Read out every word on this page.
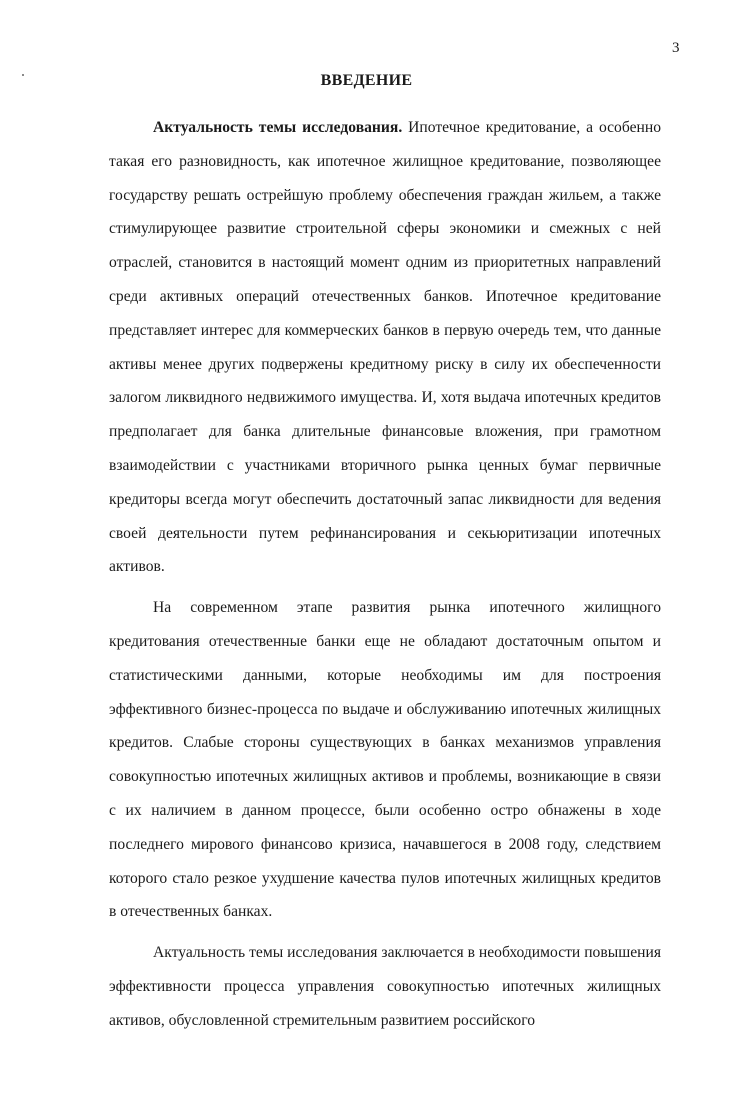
3
ВВЕДЕНИЕ

Актуальность темы исследования. Ипотечное кредитование, а особенно такая его разновидность, как ипотечное жилищное кредитование, позволяющее государству решать острейшую проблему обеспечения граждан жильем, а также стимулирующее развитие строительной сферы экономики и смежных с ней отраслей, становится в настоящий момент одним из приоритетных направлений среди активных операций отечественных банков. Ипотечное кредитование представляет интерес для коммерческих банков в первую очередь тем, что данные активы менее других подвержены кредитному риску в силу их обеспеченности залогом ликвидного недвижимого имущества. И, хотя выдача ипотечных кредитов предполагает для банка длительные финансовые вложения, при грамотном взаимодействии с участниками вторичного рынка ценных бумаг первичные кредиторы всегда могут обеспечить достаточный запас ликвидности для ведения своей деятельности путем рефинансирования и секьюритизации ипотечных активов.

На современном этапе развития рынка ипотечного жилищного кредитования отечественные банки еще не обладают достаточным опытом и статистическими данными, которые необходимы им для построения эффективного бизнес-процесса по выдаче и обслуживанию ипотечных жилищных кредитов. Слабые стороны существующих в банках механизмов управления совокупностью ипотечных жилищных активов и проблемы, возникающие в связи с их наличием в данном процессе, были особенно остро обнажены в ходе последнего мирового финансово кризиса, начавшегося в 2008 году, следствием которого стало резкое ухудшение качества пулов ипотечных жилищных кредитов в отечественных банках.

Актуальность темы исследования заключается в необходимости повышения эффективности процесса управления совокупностью ипотечных жилищных активов, обусловленной стремительным развитием российского
